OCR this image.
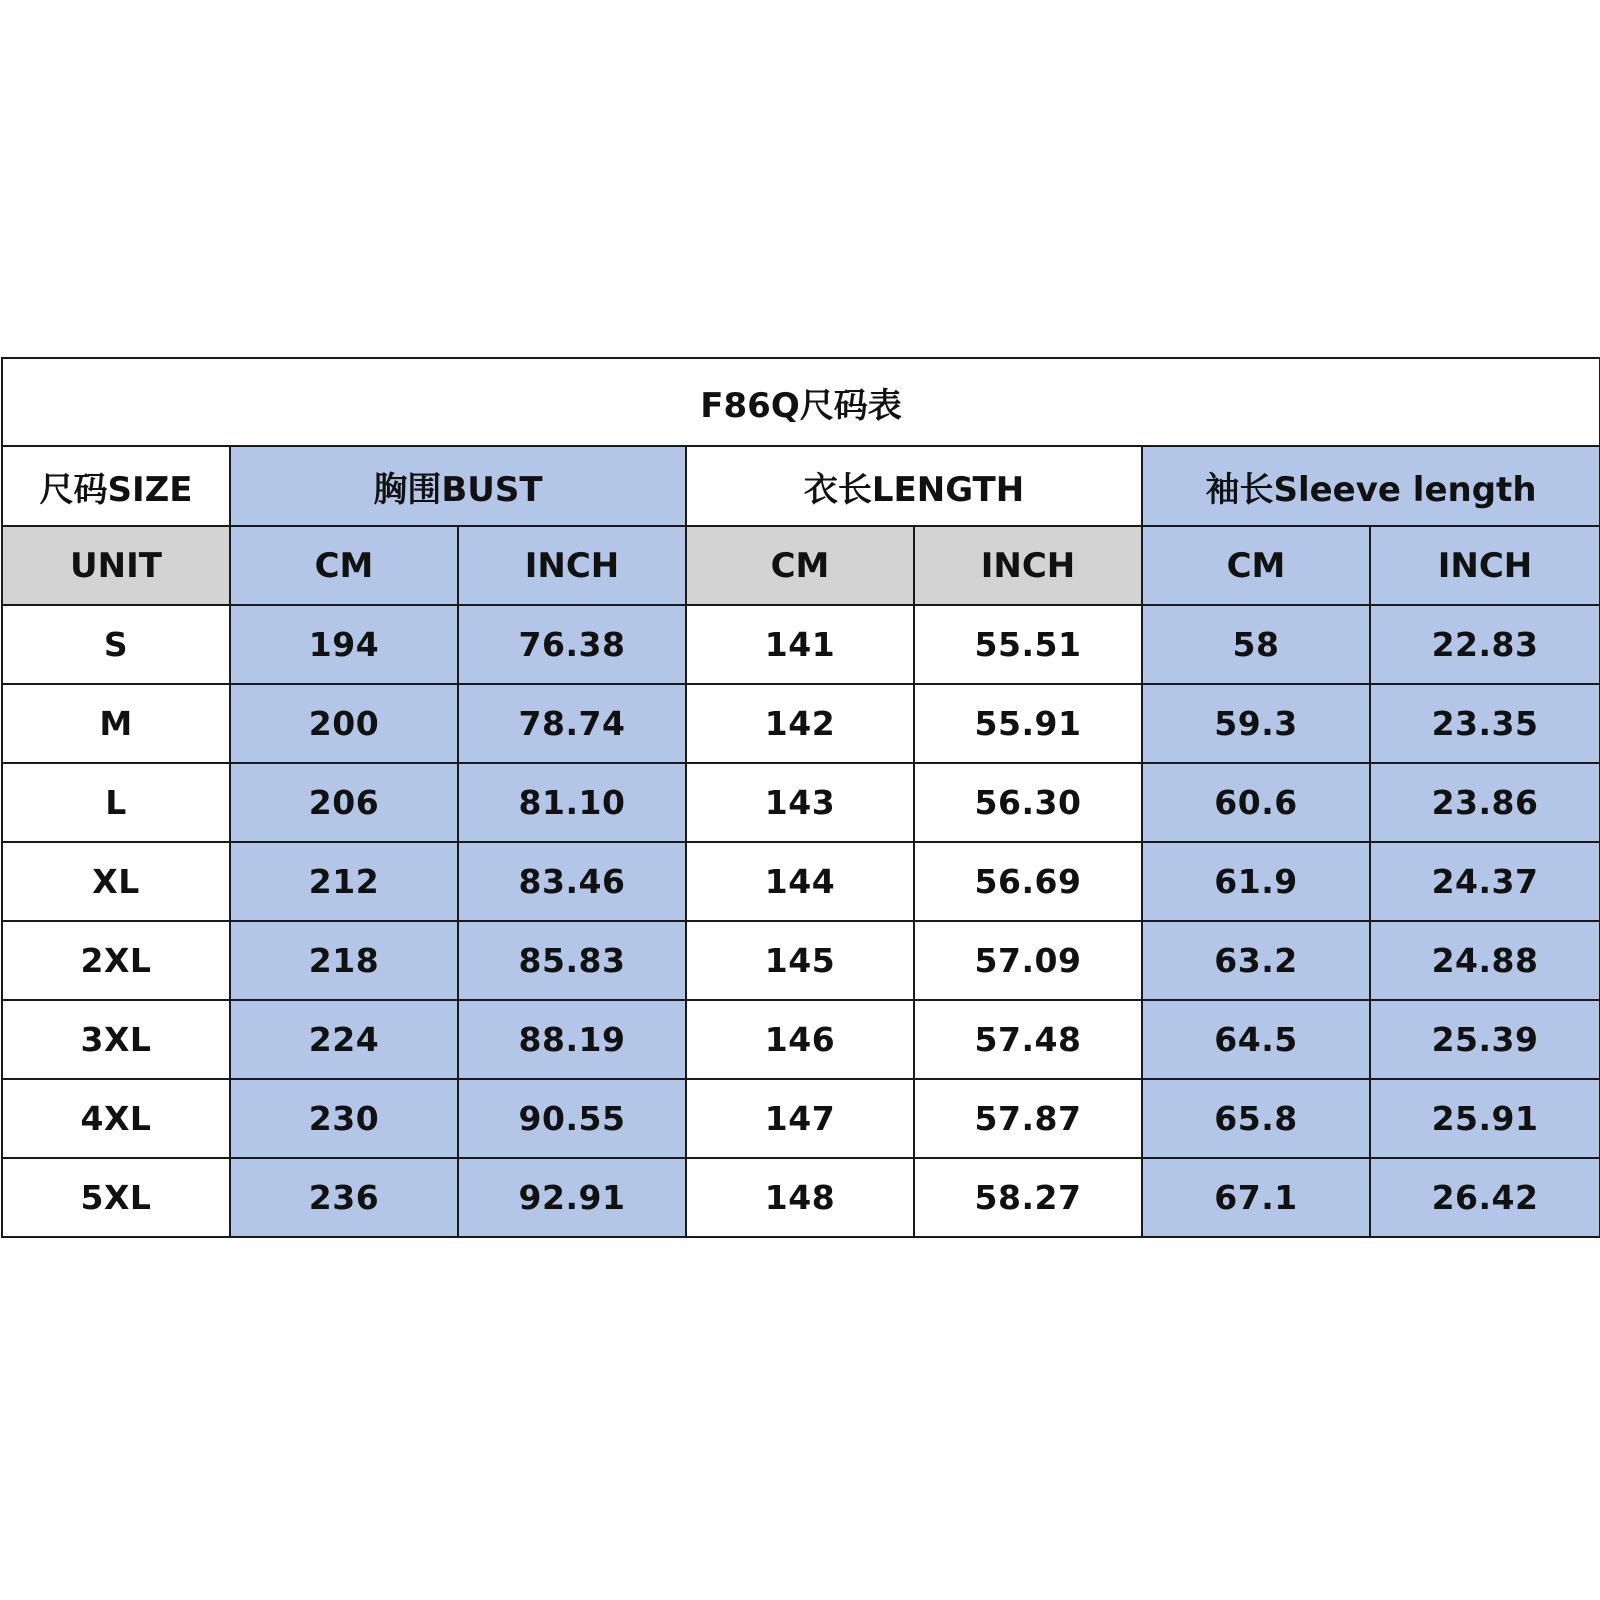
F86Q尺码表						
尺码SIZE	胸围BUST		衣长LENGTH		袖长Sleeve length	
UNIT	CM	INCH	CM	INCH	CM	INCH
S	194	76.38	141	55.51	58	22.83
M	200	78.74	142	55.91	59.3	23.35
L	206	81.10	143	56.30	60.6	23.86
XL	212	83.46	144	56.69	61.9	24.37
2XL	218	85.83	145	57.09	63.2	24.88
3XL	224	88.19	146	57.48	64.5	25.39
4XL	230	90.55	147	57.87	65.8	25.91
5XL	236	92.91	148	58.27	67.1	26.42
